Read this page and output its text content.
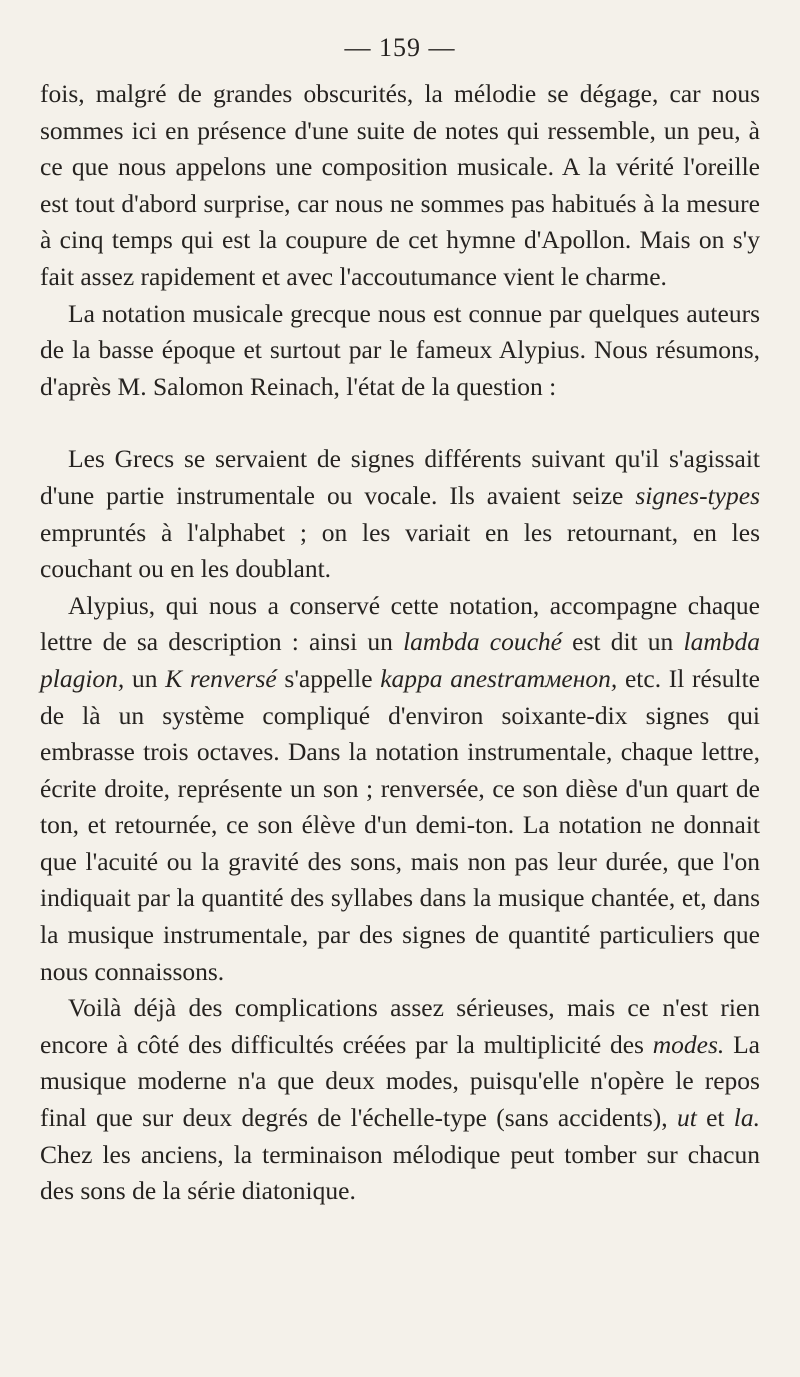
— 159 —

fois, malgré de grandes obscurités, la mélodie se dégage, car nous sommes ici en présence d'une suite de notes qui ressemble, un peu, à ce que nous appelons une composition musicale. A la vérité l'oreille est tout d'abord surprise, car nous ne sommes pas habitués à la mesure à cinq temps qui est la coupure de cet hymne d'Apollon. Mais on s'y fait assez rapidement et avec l'accoutumance vient le charme.

La notation musicale grecque nous est connue par quelques auteurs de la basse époque et surtout par le fameux Alypius. Nous résumons, d'après M. Salomon Reinach, l'état de la question :

Les Grecs se servaient de signes différents suivant qu'il s'agissait d'une partie instrumentale ou vocale. Ils avaient seize signes-types empruntés à l'alphabet ; on les variait en les retournant, en les couchant ou en les doublant.

Alypius, qui nous a conservé cette notation, accompagne chaque lettre de sa description : ainsi un lambda couché est dit un lambda plagion, un K renversé s'appelle kappa anestramменon, etc. Il résulte de là un système compliqué d'environ soixante-dix signes qui embrasse trois octaves. Dans la notation instrumentale, chaque lettre, écrite droite, représente un son ; renversée, ce son dièse d'un quart de ton, et retournée, ce son élève d'un demi-ton. La notation ne donnait que l'acuité ou la gravité des sons, mais non pas leur durée, que l'on indiquait par la quantité des syllabes dans la musique chantée, et, dans la musique instrumentale, par des signes de quantité particuliers que nous connaissons.

Voilà déjà des complications assez sérieuses, mais ce n'est rien encore à côté des difficultés créées par la multiplicité des modes. La musique moderne n'a que deux modes, puisqu'elle n'opère le repos final que sur deux degrés de l'échelle-type (sans accidents), ut et la. Chez les anciens, la terminaison mélodique peut tomber sur chacun des sons de la série diatonique.
